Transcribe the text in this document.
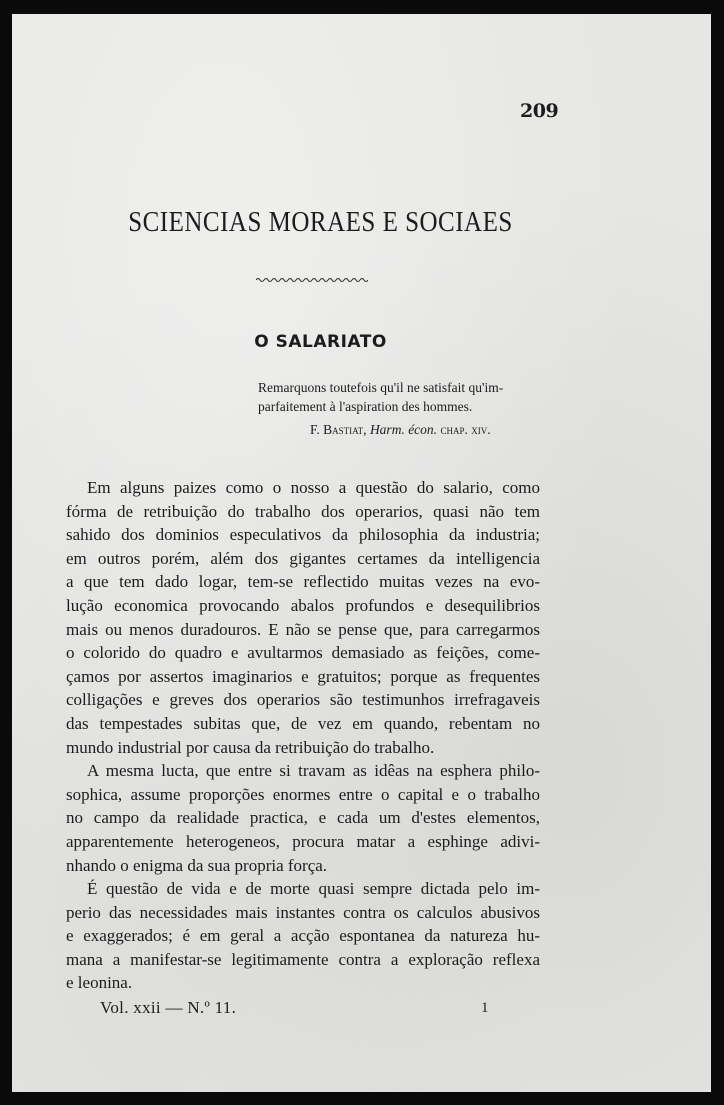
209
SCIENCIAS MORAES E SOCIAES
O SALARIATO
Remarquons toutefois qu'il ne satisfait qu'im-
parfaitement à l'aspiration des hommes.
F. Bastiat, Harm. écon. chap. xiv.
Em alguns paizes como o nosso a questão do salario, como
fórma de retribuição do trabalho dos operarios, quasi não tem
sahido dos dominios especulativos da philosophia da industria;
em outros porém, além dos gigantes certames da intelligencia
a que tem dado logar, tem-se reflectido muitas vezes na evo-
lução economica provocando abalos profundos e desequilibrios
mais ou menos duradouros. E não se pense que, para carregarmos
o colorido do quadro e avultarmos demasiado as feições, come-
çamos por assertos imaginarios e gratuitos; porque as frequentes
colligações e greves dos operarios são testimunhos irrefragaveis
das tempestades subitas que, de vez em quando, rebentam no
mundo industrial por causa da retribuição do trabalho.
A mesma lucta, que entre si travam as idêas na esphera philo-
sophica, assume proporções enormes entre o capital e o trabalho
no campo da realidade practica, e cada um d'estes elementos,
apparentemente heterogeneos, procura matar a esphinge adivi-
nhando o enigma da sua propria força.
É questão de vida e de morte quasi sempre dictada pelo im-
perio das necessidades mais instantes contra os calculos abusivos
e exaggerados; é em geral a acção espontanea da natureza hu-
mana a manifestar-se legitimamente contra a exploração reflexa
e leonina.
Vol. xxii — N.º 11.	1
